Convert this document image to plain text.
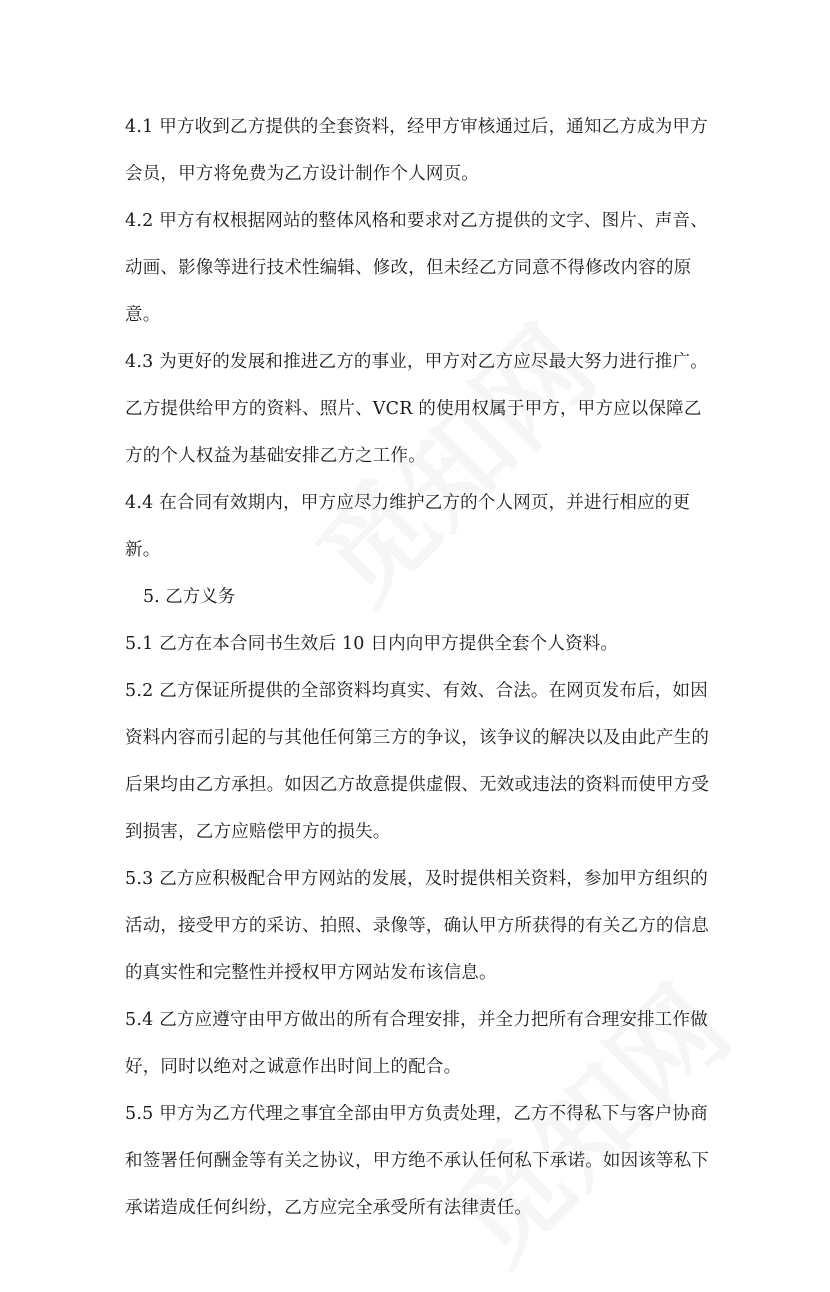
4.1 甲方收到乙方提供的全套资料，经甲方审核通过后，通知乙方成为甲方会员，甲方将免费为乙方设计制作个人网页。

4.2 甲方有权根据网站的整体风格和要求对乙方提供的文字、图片、声音、动画、影像等进行技术性编辑、修改，但未经乙方同意不得修改内容的原意。

4.3 为更好的发展和推进乙方的事业，甲方对乙方应尽最大努力进行推广。乙方提供给甲方的资料、照片、VCR 的使用权属于甲方，甲方应以保障乙方的个人权益为基础安排乙方之工作。

4.4 在合同有效期内，甲方应尽力维护乙方的个人网页，并进行相应的更新。

5. 乙方义务

5.1 乙方在本合同书生效后 10 日内向甲方提供全套个人资料。

5.2 乙方保证所提供的全部资料均真实、有效、合法。在网页发布后，如因资料内容而引起的与其他任何第三方的争议，该争议的解决以及由此产生的后果均由乙方承担。如因乙方故意提供虚假、无效或违法的资料而使甲方受到损害，乙方应赔偿甲方的损失。

5.3 乙方应积极配合甲方网站的发展，及时提供相关资料，参加甲方组织的活动，接受甲方的采访、拍照、录像等，确认甲方所获得的有关乙方的信息的真实性和完整性并授权甲方网站发布该信息。

5.4 乙方应遵守由甲方做出的所有合理安排，并全力把所有合理安排工作做好，同时以绝对之诚意作出时间上的配合。

5.5 甲方为乙方代理之事宜全部由甲方负责处理，乙方不得私下与客户协商和签署任何酬金等有关之协议，甲方绝不承认任何私下承诺。如因该等私下承诺造成任何纠纷，乙方应完全承受所有法律责任。
